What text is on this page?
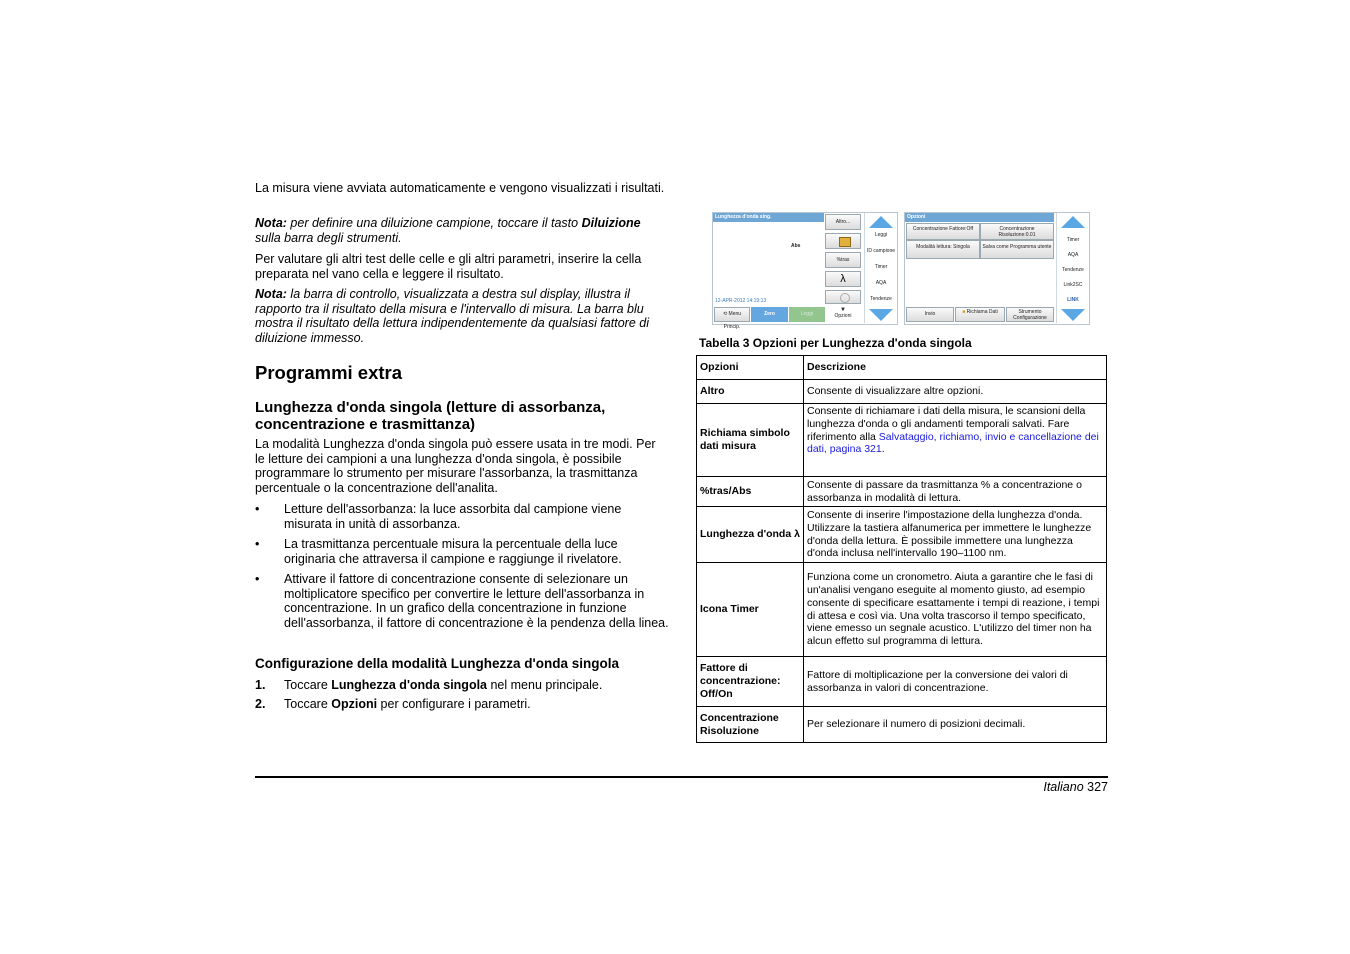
La misura viene avviata automaticamente e vengono visualizzati i risultati.

Nota: per definire una diluizione campione, toccare il tasto Diluizione sulla barra degli strumenti.

Per valutare gli altri test delle celle e gli altri parametri, inserire la cella preparata nel vano cella e leggere il risultato.

Nota: la barra di controllo, visualizzata a destra sul display, illustra il rapporto tra il risultato della misura e l'intervallo di misura. La barra blu mostra il risultato della lettura indipendentemente da qualsiasi fattore di diluizione immesso.

Programmi extra
Lunghezza d'onda singola (letture di assorbanza, concentrazione e trasmittanza)

La modalità Lunghezza d'onda singola può essere usata in tre modi. Per le letture dei campioni a una lunghezza d'onda singola, è possibile programmare lo strumento per misurare l'assorbanza, la trasmittanza percentuale o la concentrazione dell'analita.

• Letture dell'assorbanza: la luce assorbita dal campione viene misurata in unità di assorbanza.
• La trasmittanza percentuale misura la percentuale della luce originaria che attraversa il campione e raggiunge il rivelatore.
• Attivare il fattore di concentrazione consente di selezionare un moltiplicatore specifico per convertire le letture dell'assorbanza in concentrazione. In un grafico della concentrazione in funzione dell'assorbanza, il fattore di concentrazione è la pendenza della linea.
Configurazione della modalità Lunghezza d'onda singola
1. Toccare Lunghezza d'onda singola nel menu principale.
2. Toccare Opzioni per configurare i parametri.
Lunghezza d'onda sing.
Abs
12-APR-2012 14:19:13
Altro...
%tras
λ
▼
Opzioni
⟲ Menu Princip.
Zero	Leggi
Leggi
ID campione
Timer
AQA
Tendenze
Opzioni
Concentrazione Fattore:Off	Concentrazione Risoluzione:0.01
Modalità lettura: Singola	Salva come Programma utente
Invio	■ Richiama Dati	Strumento Configurazione
Timer
AQA
Tendenze
Link2SC
LINK
Tabella 3 Opzioni per Lunghezza d'onda singola
Opzioni	Descrizione
Altro	Consente di visualizzare altre opzioni.
Richiama simbolo dati misura	Consente di richiamare i dati della misura, le scansioni della lunghezza d'onda o gli andamenti temporali salvati. Fare riferimento alla Salvataggio, richiamo, invio e cancellazione dei dati, pagina 321.
%tras/Abs	Consente di passare da trasmittanza % a concentrazione o assorbanza in modalità di lettura.
Lunghezza d'onda λ	Consente di inserire l'impostazione della lunghezza d'onda. Utilizzare la tastiera alfanumerica per immettere le lunghezze d'onda della lettura. È possibile immettere una lunghezza d'onda inclusa nell'intervallo 190–1100 nm.
Icona Timer	Funziona come un cronometro. Aiuta a garantire che le fasi di un'analisi vengano eseguite al momento giusto, ad esempio consente di specificare esattamente i tempi di reazione, i tempi di attesa e così via. Una volta trascorso il tempo specificato, viene emesso un segnale acustico. L'utilizzo del timer non ha alcun effetto sul programma di lettura.
Fattore di concentrazione: Off/On	Fattore di moltiplicazione per la conversione dei valori di assorbanza in valori di concentrazione.
Concentrazione Risoluzione	Per selezionare il numero di posizioni decimali.
Italiano 327
